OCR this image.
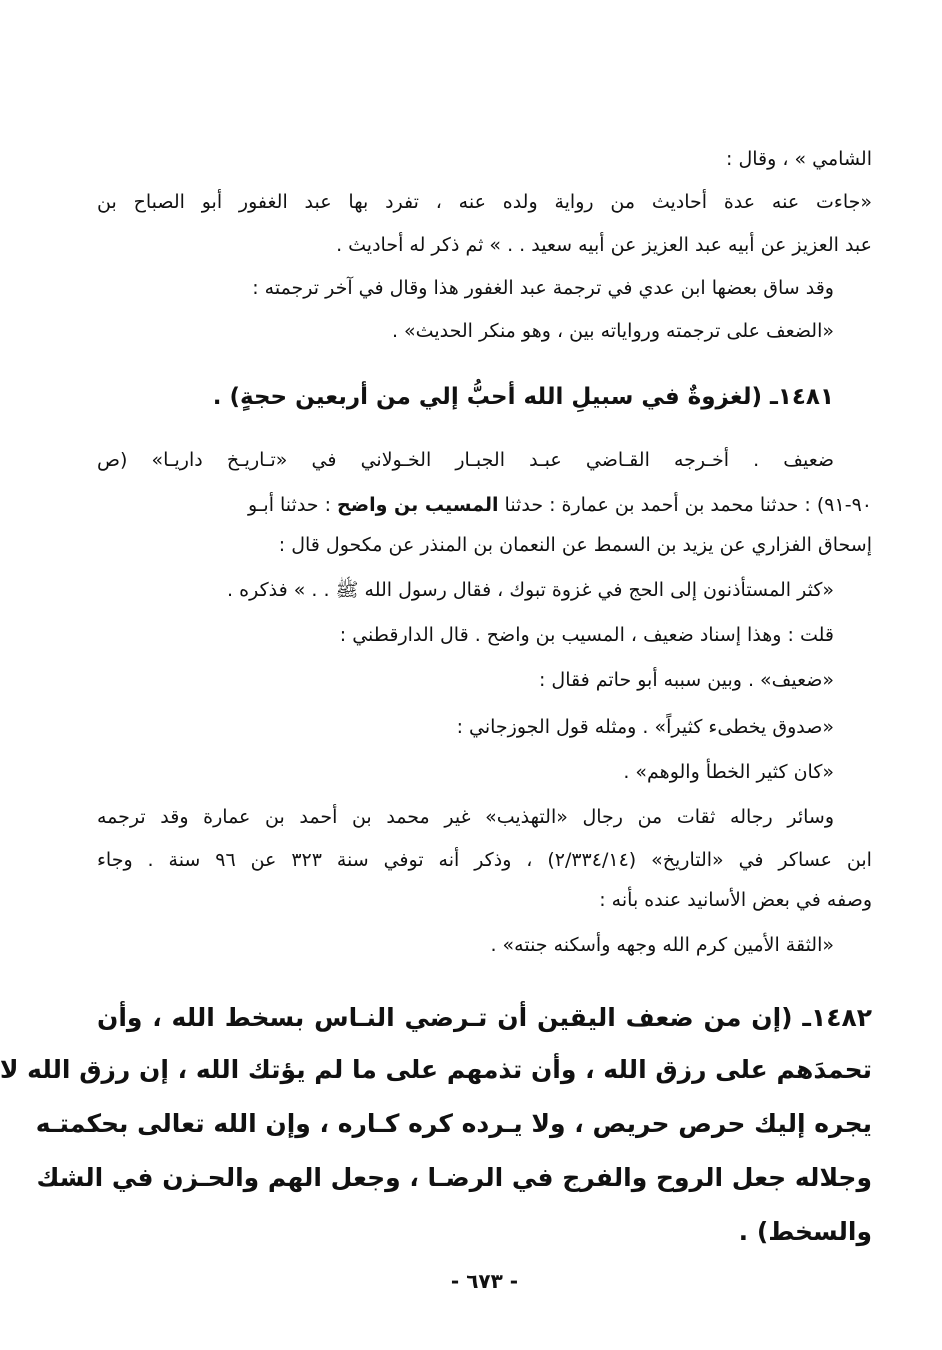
الشامي » ، وقال :
«جاءت عنه عدة أحاديث من رواية ولده عنه ، تفرد بها عبد الغفور أبو الصباح بن
عبد العزيز عن أبيه عبد العزيز عن أبيه سعيد . . » ثم ذكر له أحاديث .
وقد ساق بعضها ابن عدي في ترجمة عبد الغفور هذا وقال في آخر ترجمته :
«الضعف على ترجمته ورواياته بين ، وهو منكر الحديث» .
١٤٨١ـ (لغزوةٌ في سبيلِ الله أحبُّ إلي من أربعين حجةٍ) .
ضعيف . أخـرجه القـاضي عبـد الجبـار الخـولاني في «تـاريـخ داريـا» (ص
٩٠-٩١) : حدثنا محمد بن أحمد بن عمارة : حدثنا المسيب بن واضح : حدثنا أبـو
إسحاق الفزاري عن يزيد بن السمط عن النعمان بن المنذر عن مكحول قال :
«كثر المستأذنون إلى الحج في غزوة تبوك ، فقال رسول الله ﷺ . . » فذكره .
قلت : وهذا إسناد ضعيف ، المسيب بن واضح . قال الدارقطني :
«ضعيف» . وبين سببه أبو حاتم فقال :
«صدوق يخطىء كثيراً» . ومثله قول الجوزجاني :
«كان كثير الخطأ والوهم» .
وسائر رجاله ثقات من رجال «التهذيب» غير محمد بن أحمد بن عمارة وقد ترجمه
ابن عساكر في «التاريخ» (٢/٣٣٤/١٤) ، وذكر أنه توفي سنة ٣٢٣ عن ٩٦ سنة . وجاء
وصفه في بعض الأسانيد عنده بأنه :
«الثقة الأمين كرم الله وجهه وأسكنه جنته» .
١٤٨٢ـ (إن من ضعف اليقين أن تـرضي النـاس بسخط الله ، وأن
تحمدَهم على رزق الله ، وأن تذمهم على ما لم يؤتك الله ، إن رزق الله لا
يجره إليك حرص حريص ، ولا يـرده كره كـاره ، وإن الله تعالى بحكمتـه
وجلاله جعل الروح والفرج في الرضـا ، وجعل الهم والحـزن في الشك
والسخط) .
- ٦٧٣ -
